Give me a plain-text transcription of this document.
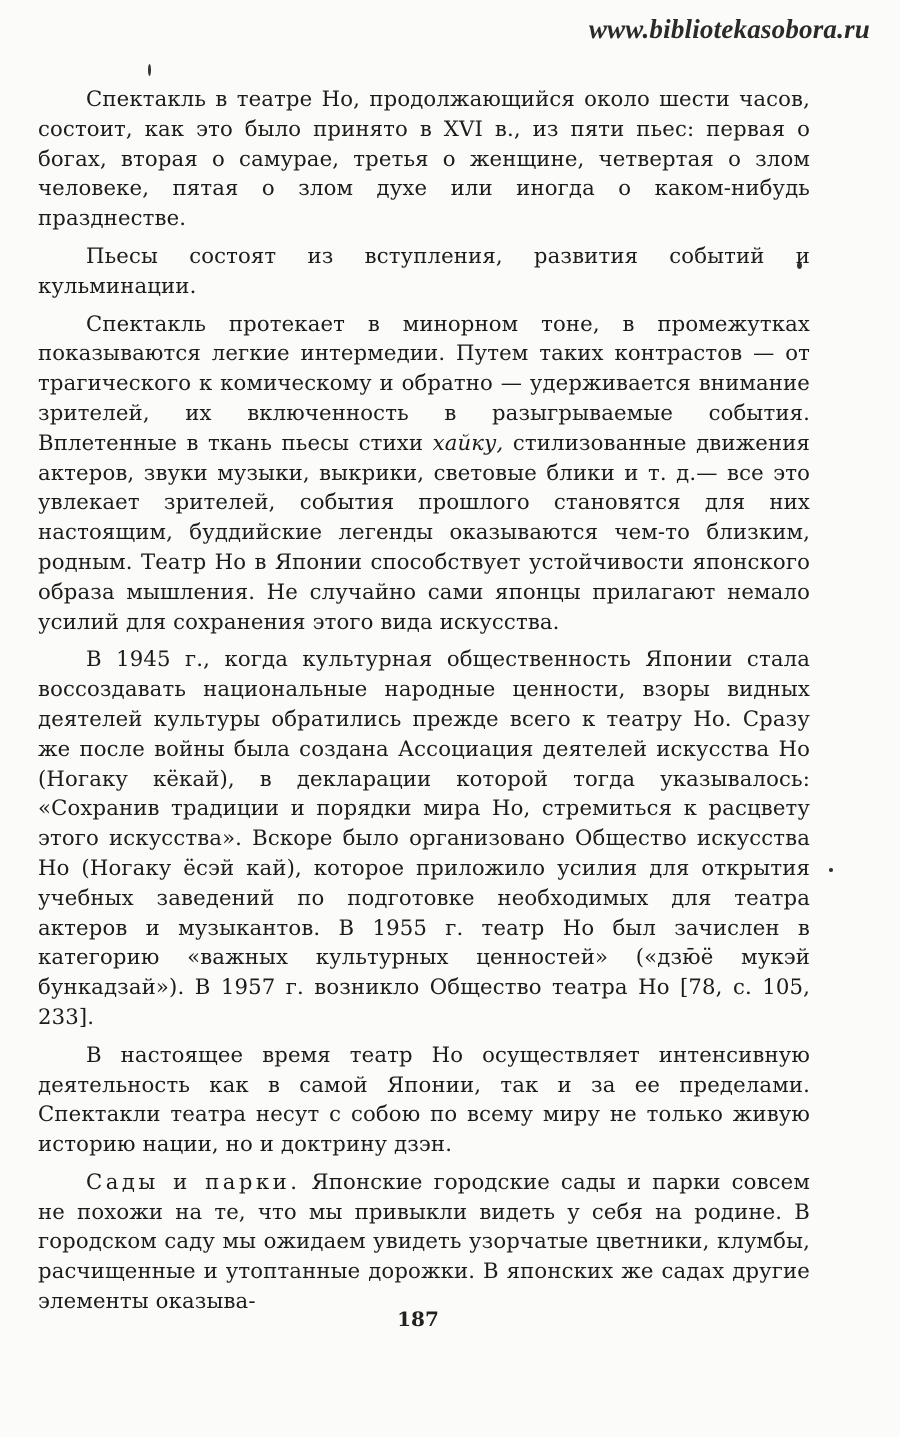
www.bibliotekasobora.ru

Спектакль в театре Но, продолжающийся около шести часов, состоит, как это было принято в XVI в., из пяти пьес: первая о богах, вторая о самурае, третья о женщине, четвертая о злом человеке, пятая о злом духе или иногда о каком-нибудь празднестве.

Пьесы состоят из вступления, развития событий и кульминации.

Спектакль протекает в минорном тоне, в промежутках показываются легкие интермедии. Путем таких контрастов — от трагического к комическому и обратно — удерживается внимание зрителей, их включенность в разыгрываемые события. Вплетенные в ткань пьесы стихи хайку, стилизованные движения актеров, звуки музыки, выкрики, световые блики и т. д.— все это увлекает зрителей, события прошлого становятся для них настоящим, буддийские легенды оказываются чем-то близким, родным. Театр Но в Японии способствует устойчивости японского образа мышления. Не случайно сами японцы прилагают немало усилий для сохранения этого вида искусства.

В 1945 г., когда культурная общественность Японии стала воссоздавать национальные народные ценности, взоры видных деятелей культуры обратились прежде всего к театру Но. Сразу же после войны была создана Ассоциация деятелей искусства Но (Ногаку кёкай), в декларации которой тогда указывалось: «Сохранив традиции и порядки мира Но, стремиться к расцвету этого искусства». Вскоре было организовано Общество искусства Но (Ногаку ёсэй кай), которое приложило усилия для открытия учебных заведений по подготовке необходимых для театра актеров и музыкантов. В 1955 г. театр Но был зачислен в категорию «важных культурных ценностей» («дзю̄ё мукэй бункадзай»). В 1957 г. возникло Общество театра Но [78, с. 105, 233].

В настоящее время театр Но осуществляет интенсивную деятельность как в самой Японии, так и за ее пределами. Спектакли театра несут с собою по всему миру не только живую историю нации, но и доктрину дзэн.

Сады и парки. Японские городские сады и парки совсем не похожи на те, что мы привыкли видеть у себя на родине. В городском саду мы ожидаем увидеть узорчатые цветники, клумбы, расчищенные и утоптанные дорожки. В японских же садах другие элементы оказыва-

187
